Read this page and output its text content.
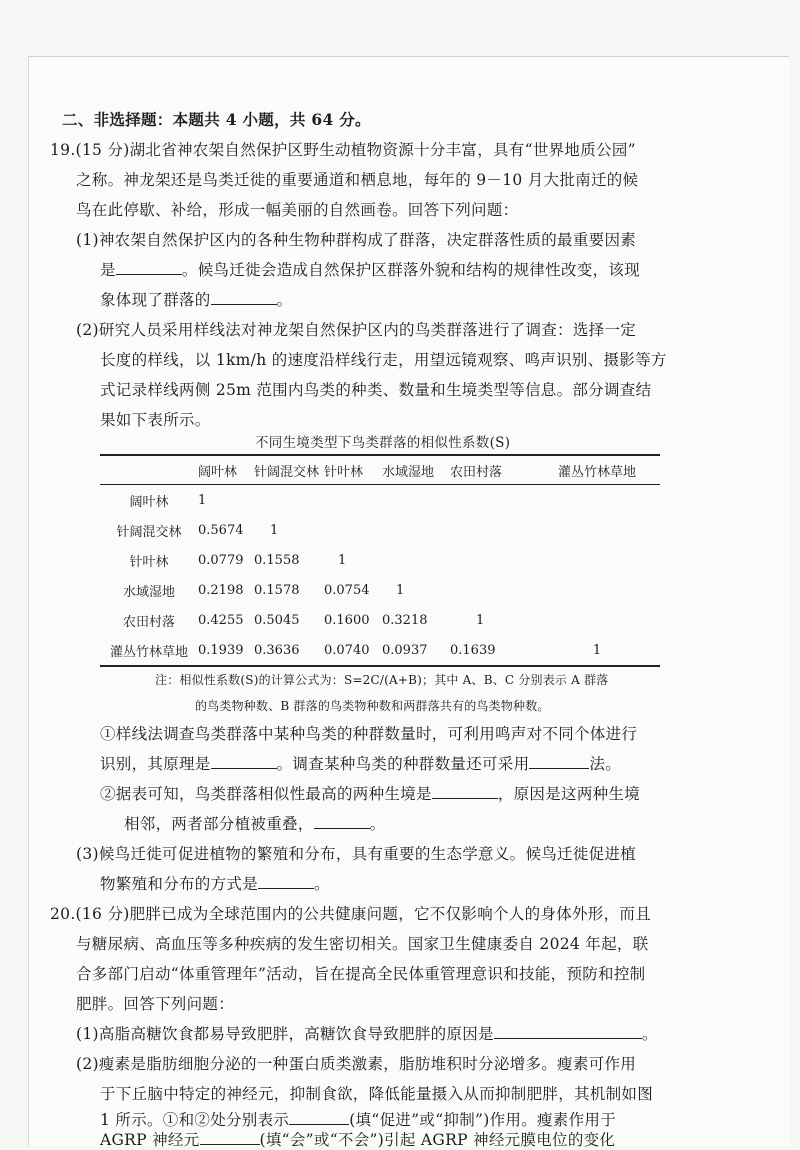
二、非选择题：本题共 4 小题，共 64 分。
19.(15 分)湖北省神农架自然保护区野生动植物资源十分丰富，具有“世界地质公园”
之称。神龙架还是鸟类迁徙的重要通道和栖息地，每年的 9－10 月大批南迁的候
鸟在此停歇、补给，形成一幅美丽的自然画卷。回答下列问题：
(1)神农架自然保护区内的各种生物种群构成了群落，决定群落性质的最重要因素
是	。候鸟迁徙会造成自然保护区群落外貌和结构的规律性改变，该现
象体现了群落的	。
(2)研究人员采用样线法对神龙架自然保护区内的鸟类群落进行了调查：选择一定
长度的样线，以 1km/h 的速度沿样线行走，用望远镜观察、鸣声识别、摄影等方
式记录样线两侧 25m 范围内鸟类的种类、数量和生境类型等信息。部分调查结
果如下表所示。
不同生境类型下鸟类群落的相似性系数(S)
	阔叶林	针阔混交林	针叶林	水域湿地	农田村落	灌丛竹林草地
阔叶林	1					
针阔混交林	0.5674	1				
针叶林	0.0779	0.1558	1			
水域湿地	0.2198	0.1578	0.0754	1		
农田村落	0.4255	0.5045	0.1600	0.3218	1	
灌丛竹林草地	0.1939	0.3636	0.0740	0.0937	0.1639	1
注：相似性系数(S)的计算公式为：S=2C/(A+B)；其中 A、B、C 分别表示 A 群落
的鸟类物种数、B 群落的鸟类物种数和两群落共有的鸟类物种数。
①样线法调查鸟类群落中某种鸟类的种群数量时，可利用鸣声对不同个体进行
识别，其原理是	。调查某种鸟类的种群数量还可采用	法。
②据表可知，鸟类群落相似性最高的两种生境是	，原因是这两种生境
相邻，两者部分植被重叠，	。
(3)候鸟迁徙可促进植物的繁殖和分布，具有重要的生态学意义。候鸟迁徙促进植
物繁殖和分布的方式是	。
20.(16 分)肥胖已成为全球范围内的公共健康问题，它不仅影响个人的身体外形，而且
与糖尿病、高血压等多种疾病的发生密切相关。国家卫生健康委自 2024 年起，联
合多部门启动“体重管理年”活动，旨在提高全民体重管理意识和技能，预防和控制
肥胖。回答下列问题：
(1)高脂高糖饮食都易导致肥胖，高糖饮食导致肥胖的原因是	。
(2)瘦素是脂肪细胞分泌的一种蛋白质类激素，脂肪堆积时分泌增多。瘦素可作用
于下丘脑中特定的神经元，抑制食欲，降低能量摄入从而抑制肥胖，其机制如图
1 所示。①和②处分别表示	(填“促进”或“抑制”)作用。瘦素作用于
AGRP 神经元	(填“会”或“不会”)引起 AGRP 神经元膜电位的变化
